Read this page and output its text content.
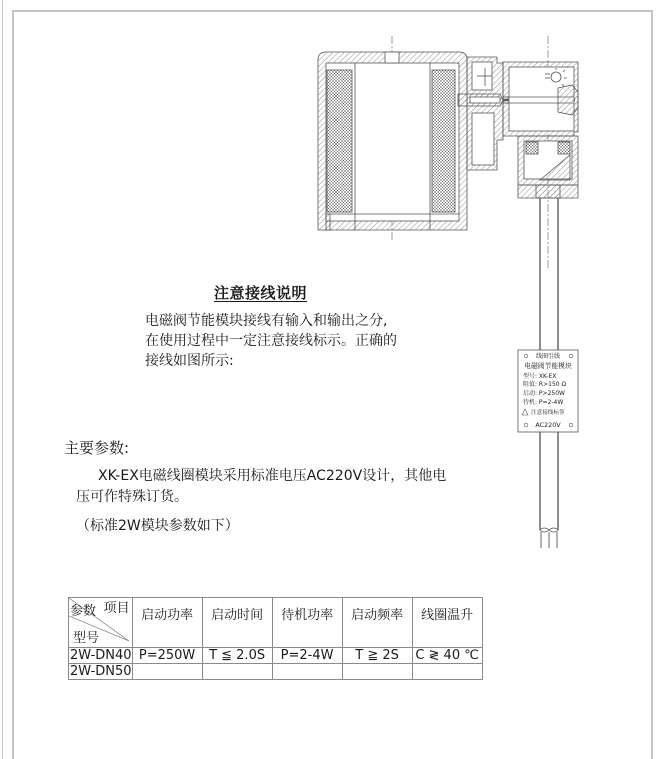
线圈引线
电磁阀节能模块
型号: XK-EX
阻值: R>150 Ω
启动: P>250W
待机: P=2-4W
注意接线标签
AC220V
注意接线说明
电磁阀节能模块接线有输入和输出之分,
在使用过程中一定注意接线标示。正确的
接线如图所示:
主要参数:
XK-EX电磁线圈模块采用标准电压AC220V设计，其他电
压可作特殊订货。
（标准2W模块参数如下）
参数 项目
型号	启动功率	启动时间	待机功率	启动频率	线圈温升
2W-DN40	P=250W	T ≦ 2.0S	P=2-4W	T ≧ 2S	C ≷ 40 ℃
2W-DN50					
